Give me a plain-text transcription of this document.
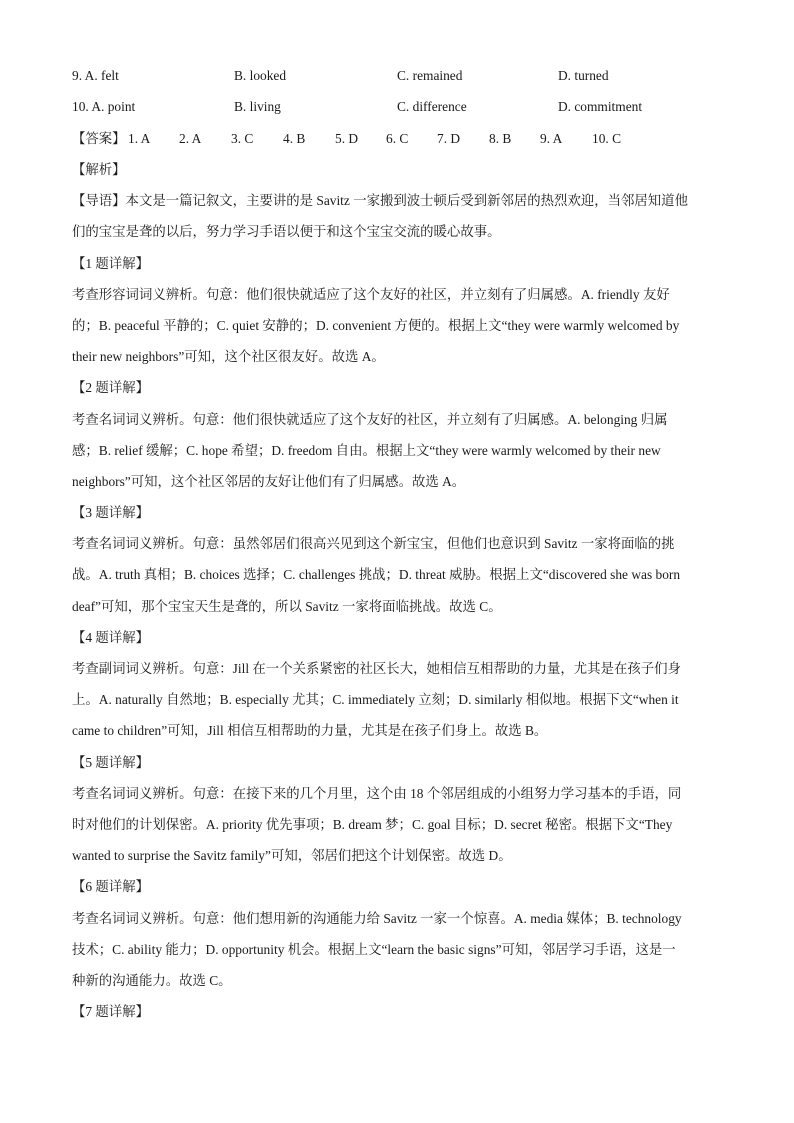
9. A. felt	B. looked	C. remained	D. turned
10. A. point	B. living	C. difference	D. commitment
【答案】 1. A 2. A 3. C 4. B 5. D 6. C 7. D 8. B 9. A 10. C
【解析】
【导语】本文是一篇记叙文，主要讲的是 Savitz 一家搬到波士顿后受到新邻居的热烈欢迎，当邻居知道他
们的宝宝是聋的以后，努力学习手语以便于和这个宝宝交流的暖心故事。
【1 题详解】
考查形容词词义辨析。句意：他们很快就适应了这个友好的社区，并立刻有了归属感。A. friendly 友好
的；B. peaceful 平静的；C. quiet 安静的；D. convenient 方便的。根据上文“they were warmly welcomed by
their new neighbors”可知，这个社区很友好。故选 A。
【2 题详解】
考查名词词义辨析。句意：他们很快就适应了这个友好的社区，并立刻有了归属感。A. belonging 归属
感；B. relief 缓解；C. hope 希望；D. freedom 自由。根据上文“they were warmly welcomed by their new
neighbors”可知，这个社区邻居的友好让他们有了归属感。故选 A。
【3 题详解】
考查名词词义辨析。句意：虽然邻居们很高兴见到这个新宝宝，但他们也意识到 Savitz 一家将面临的挑
战。A. truth 真相；B. choices 选择；C. challenges 挑战；D. threat 威胁。根据上文“discovered she was born
deaf”可知，那个宝宝天生是聋的，所以 Savitz 一家将面临挑战。故选 C。
【4 题详解】
考查副词词义辨析。句意：Jill 在一个关系紧密的社区长大，她相信互相帮助的力量，尤其是在孩子们身
上。A. naturally 自然地；B. especially 尤其；C. immediately 立刻；D. similarly 相似地。根据下文“when it
came to children”可知，Jill 相信互相帮助的力量，尤其是在孩子们身上。故选 B。
【5 题详解】
考查名词词义辨析。句意：在接下来的几个月里，这个由 18 个邻居组成的小组努力学习基本的手语，同
时对他们的计划保密。A. priority 优先事项；B. dream 梦；C. goal 目标；D. secret 秘密。根据下文“They
wanted to surprise the Savitz family”可知，邻居们把这个计划保密。故选 D。
【6 题详解】
考查名词词义辨析。句意：他们想用新的沟通能力给 Savitz 一家一个惊喜。A. media 媒体；B. technology
技术；C. ability 能力；D. opportunity 机会。根据上文“learn the basic signs”可知，邻居学习手语，这是一
种新的沟通能力。故选 C。
【7 题详解】
